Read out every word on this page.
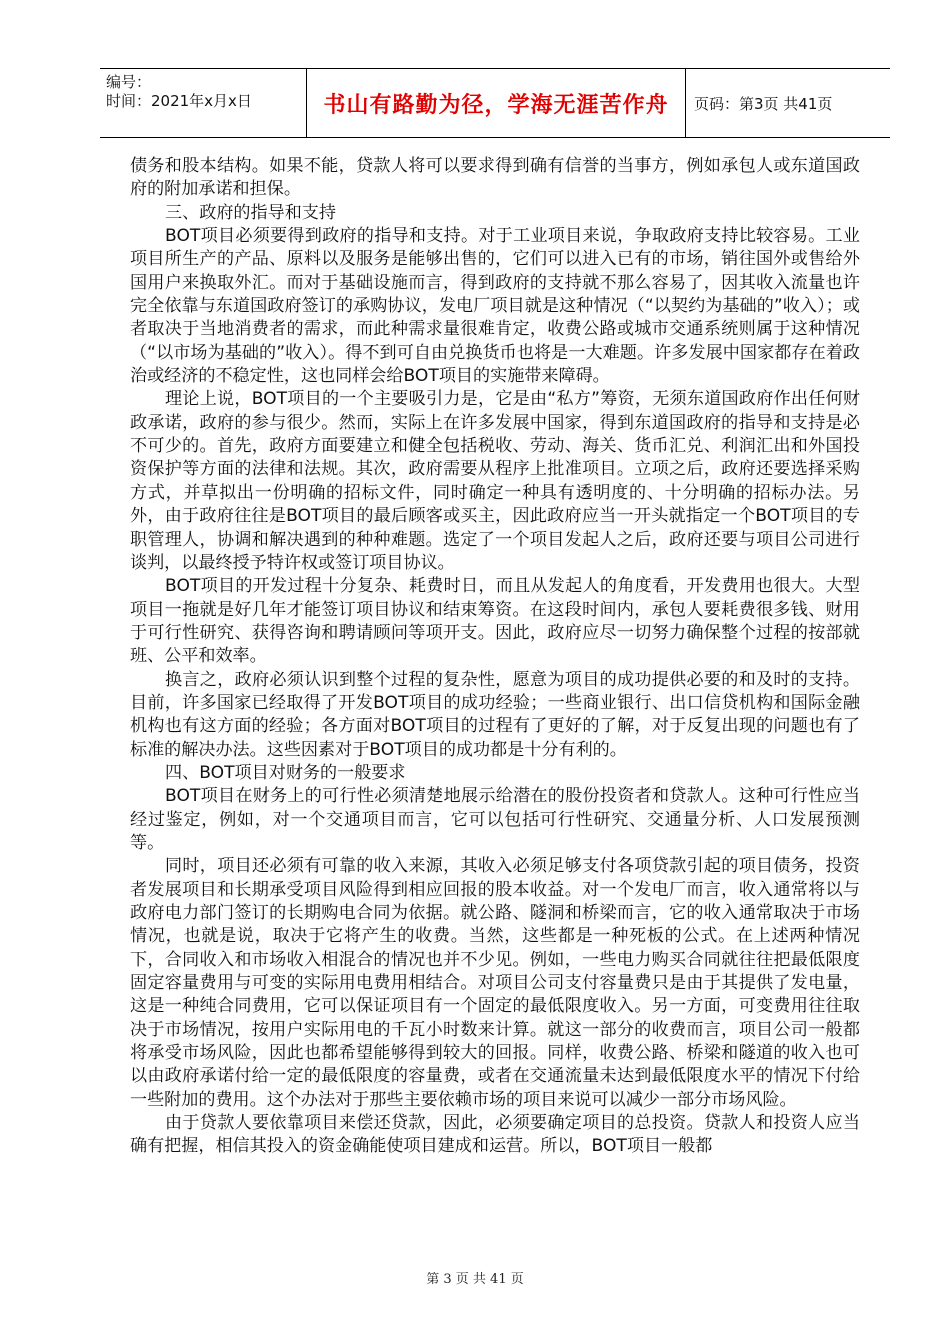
编号：
时间：2021年x月x日	书山有路勤为径，学海无涯苦作舟	页码：第3页 共41页

债务和股本结构。如果不能，贷款人将可以要求得到确有信誉的当事方，例如承包人或东道国政府的附加承诺和担保。

三、政府的指导和支持

BOT项目必须要得到政府的指导和支持。对于工业项目来说，争取政府支持比较容易。工业项目所生产的产品、原料以及服务是能够出售的，它们可以进入已有的市场，销往国外或售给外国用户来换取外汇。而对于基础设施而言，得到政府的支持就不那么容易了，因其收入流量也许完全依靠与东道国政府签订的承购协议，发电厂项目就是这种情况（“以契约为基础的”收入）；或者取决于当地消费者的需求，而此种需求量很难肯定，收费公路或城市交通系统则属于这种情况（“以市场为基础的”收入）。得不到可自由兑换货币也将是一大难题。许多发展中国家都存在着政治或经济的不稳定性，这也同样会给BOT项目的实施带来障碍。

理论上说，BOT项目的一个主要吸引力是，它是由“私方”筹资，无须东道国政府作出任何财政承诺，政府的参与很少。然而，实际上在许多发展中国家，得到东道国政府的指导和支持是必不可少的。首先，政府方面要建立和健全包括税收、劳动、海关、货币汇兑、利润汇出和外国投资保护等方面的法律和法规。其次，政府需要从程序上批准项目。立项之后，政府还要选择采购方式，并草拟出一份明确的招标文件，同时确定一种具有透明度的、十分明确的招标办法。另外，由于政府往往是BOT项目的最后顾客或买主，因此政府应当一开头就指定一个BOT项目的专职管理人，协调和解决遇到的种种难题。选定了一个项目发起人之后，政府还要与项目公司进行谈判，以最终授予特许权或签订项目协议。

BOT项目的开发过程十分复杂、耗费时日，而且从发起人的角度看，开发费用也很大。大型项目一拖就是好几年才能签订项目协议和结束筹资。在这段时间内，承包人要耗费很多钱、财用于可行性研究、获得咨询和聘请顾问等项开支。因此，政府应尽一切努力确保整个过程的按部就班、公平和效率。

换言之，政府必须认识到整个过程的复杂性，愿意为项目的成功提供必要的和及时的支持。目前，许多国家已经取得了开发BOT项目的成功经验；一些商业银行、出口信贷机构和国际金融机构也有这方面的经验；各方面对BOT项目的过程有了更好的了解，对于反复出现的问题也有了标准的解决办法。这些因素对于BOT项目的成功都是十分有利的。

四、BOT项目对财务的一般要求

BOT项目在财务上的可行性必须清楚地展示给潜在的股份投资者和贷款人。这种可行性应当经过鉴定，例如，对一个交通项目而言，它可以包括可行性研究、交通量分析、人口发展预测等。

同时，项目还必须有可靠的收入来源，其收入必须足够支付各项贷款引起的项目债务，投资者发展项目和长期承受项目风险得到相应回报的股本收益。对一个发电厂而言，收入通常将以与政府电力部门签订的长期购电合同为依据。就公路、隧洞和桥梁而言，它的收入通常取决于市场情况，也就是说，取决于它将产生的收费。当然，这些都是一种死板的公式。在上述两种情况下，合同收入和市场收入相混合的情况也并不少见。例如，一些电力购买合同就往往把最低限度固定容量费用与可变的实际用电费用相结合。对项目公司支付容量费只是由于其提供了发电量，这是一种纯合同费用，它可以保证项目有一个固定的最低限度收入。另一方面，可变费用往往取决于市场情况，按用户实际用电的千瓦小时数来计算。就这一部分的收费而言，项目公司一般都将承受市场风险，因此也都希望能够得到较大的回报。同样，收费公路、桥梁和隧道的收入也可以由政府承诺付给一定的最低限度的容量费，或者在交通流量未达到最低限度水平的情况下付给一些附加的费用。这个办法对于那些主要依赖市场的项目来说可以减少一部分市场风险。

由于贷款人要依靠项目来偿还贷款，因此，必须要确定项目的总投资。贷款人和投资人应当确有把握，相信其投入的资金确能使项目建成和运营。所以，BOT项目一般都

第 3 页 共 41 页
